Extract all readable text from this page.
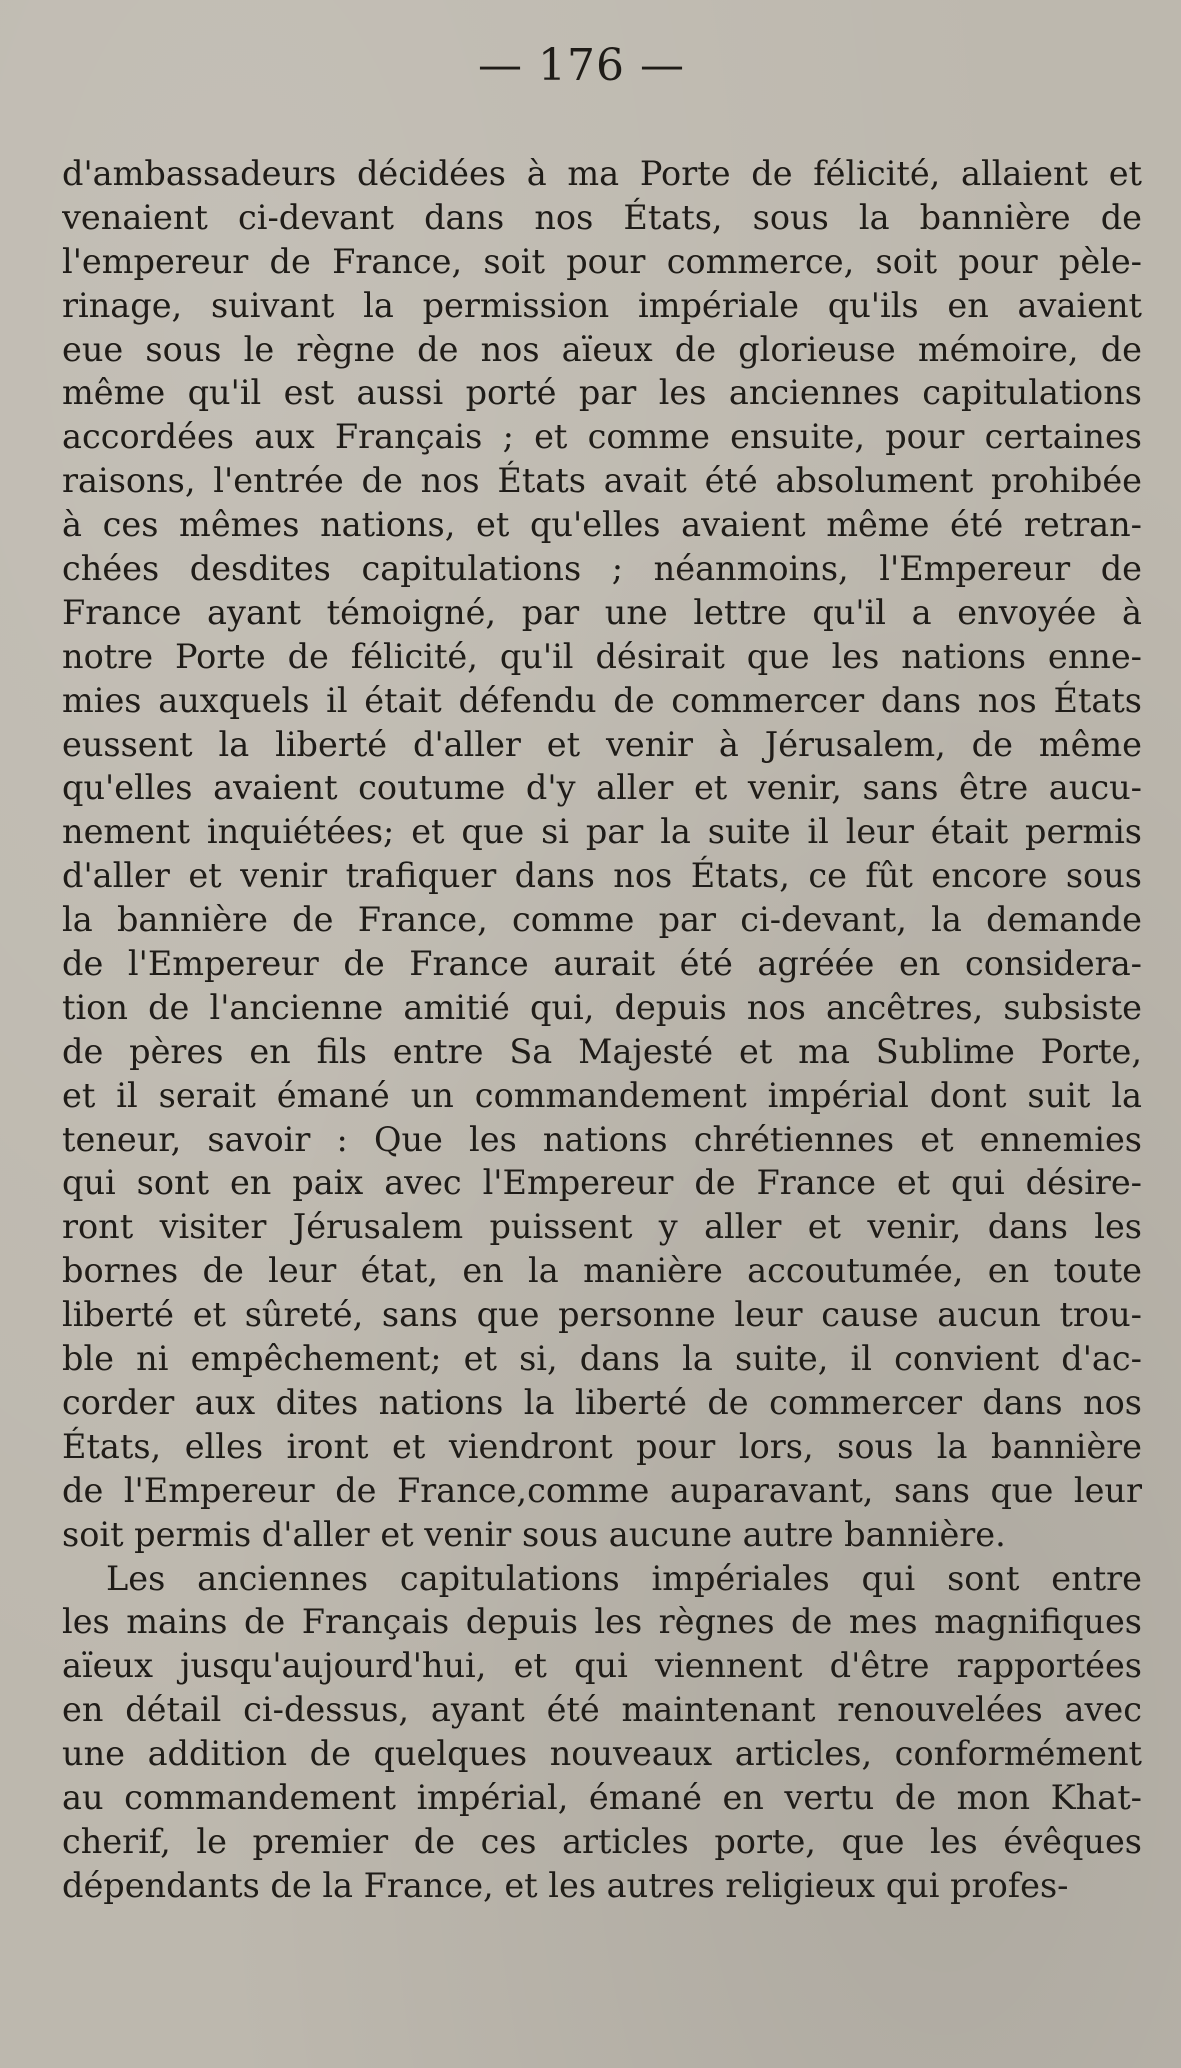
— 176 —
d'ambassadeurs décidées à ma Porte de félicité, allaient et
venaient ci-devant dans nos États, sous la bannière de
l'empereur de France, soit pour commerce, soit pour pèle-
rinage, suivant la permission impériale qu'ils en avaient
eue sous le règne de nos aïeux de glorieuse mémoire, de
même qu'il est aussi porté par les anciennes capitulations
accordées aux Français ; et comme ensuite, pour certaines
raisons, l'entrée de nos États avait été absolument prohibée
à ces mêmes nations, et qu'elles avaient même été retran-
chées desdites capitulations ; néanmoins, l'Empereur de
France ayant témoigné, par une lettre qu'il a envoyée à
notre Porte de félicité, qu'il désirait que les nations enne-
mies auxquels il était défendu de commercer dans nos États
eussent la liberté d'aller et venir à Jérusalem, de même
qu'elles avaient coutume d'y aller et venir, sans être aucu-
nement inquiétées; et que si par la suite il leur était permis
d'aller et venir trafiquer dans nos États, ce fût encore sous
la bannière de France, comme par ci-devant, la demande
de l'Empereur de France aurait été agréée en considera-
tion de l'ancienne amitié qui, depuis nos ancêtres, subsiste
de pères en fils entre Sa Majesté et ma Sublime Porte,
et il serait émané un commandement impérial dont suit la
teneur, savoir : Que les nations chrétiennes et ennemies
qui sont en paix avec l'Empereur de France et qui désire-
ront visiter Jérusalem puissent y aller et venir, dans les
bornes de leur état, en la manière accoutumée, en toute
liberté et sûreté, sans que personne leur cause aucun trou-
ble ni empêchement; et si, dans la suite, il convient d'ac-
corder aux dites nations la liberté de commercer dans nos
États, elles iront et viendront pour lors, sous la bannière
de l'Empereur de France,comme auparavant, sans que leur
soit permis d'aller et venir sous aucune autre bannière.
Les anciennes capitulations impériales qui sont entre
les mains de Français depuis les règnes de mes magnifiques
aïeux jusqu'aujourd'hui, et qui viennent d'être rapportées
en détail ci-dessus, ayant été maintenant renouvelées avec
une addition de quelques nouveaux articles, conformément
au commandement impérial, émané en vertu de mon Khat-
cherif, le premier de ces articles porte, que les évêques
dépendants de la France, et les autres religieux qui profes-
